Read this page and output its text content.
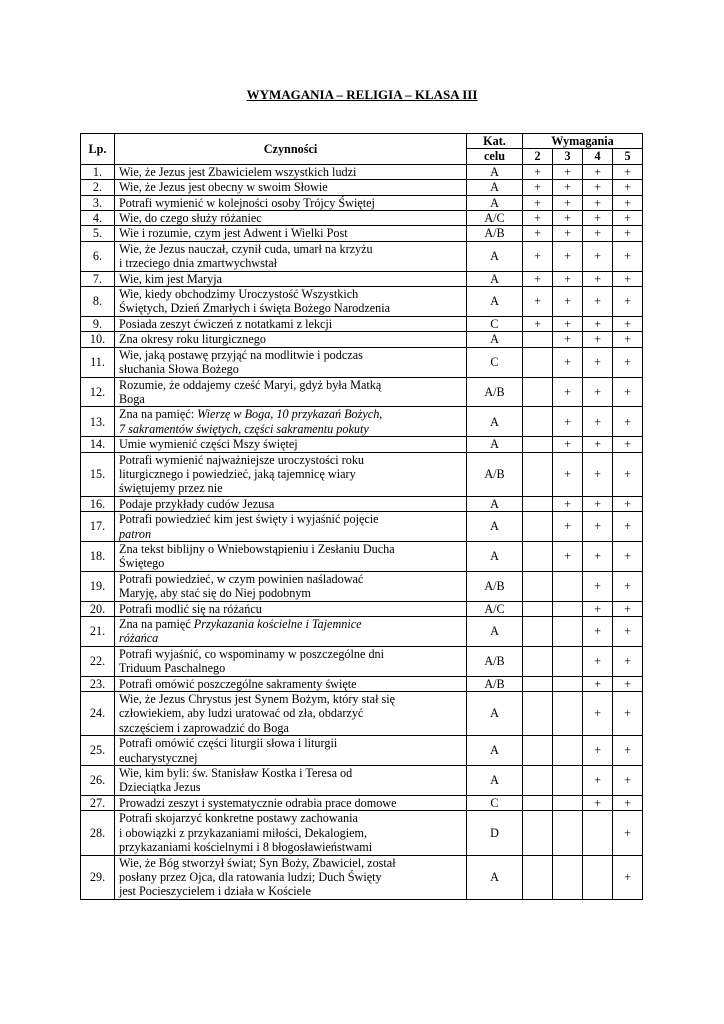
WYMAGANIA – RELIGIA – KLASA III
Lp.	Czynności	Kat.	Wymagania			
		celu	2	3	4	5
1.	Wie, że Jezus jest Zbawicielem wszystkich ludzi	A	+	+	+	+
2.	Wie, że Jezus jest obecny w swoim Słowie	A	+	+	+	+
3.	Potrafi wymienić w kolejności osoby Trójcy Świętej	A	+	+	+	+
4.	Wie, do czego służy różaniec	A/C	+	+	+	+
5.	Wie i rozumie, czym jest Adwent i Wielki Post	A/B	+	+	+	+
6.	Wie, że Jezus nauczał, czynił cuda, umarł na krzyżu
i trzeciego dnia zmartwychwstał	A	+	+	+	+
7.	Wie, kim jest Maryja	A	+	+	+	+
8.	Wie, kiedy obchodzimy Uroczystość Wszystkich
Świętych, Dzień Zmarłych i święta Bożego Narodzenia	A	+	+	+	+
9.	Posiada zeszyt ćwiczeń z notatkami z lekcji	C	+	+	+	+
10.	Zna okresy roku liturgicznego	A		+	+	+
11.	Wie, jaką postawę przyjąć na modlitwie i podczas
słuchania Słowa Bożego	C		+	+	+
12.	Rozumie, że oddajemy cześć Maryi, gdyż była Matką
Boga	A/B		+	+	+
13.	Zna na pamięć: Wierzę w Boga, 10 przykazań Bożych,
7 sakramentów świętych, części sakramentu pokuty	A		+	+	+
14.	Umie wymienić części Mszy świętej	A		+	+	+
15.	Potrafi wymienić najważniejsze uroczystości roku
liturgicznego i powiedzieć, jaką tajemnicę wiary
świętujemy przez nie	A/B		+	+	+
16.	Podaje przykłady cudów Jezusa	A		+	+	+
17.	Potrafi powiedzieć kim jest święty i wyjaśnić pojęcie
patron	A		+	+	+
18.	Zna tekst biblijny o Wniebowstąpieniu i Zesłaniu Ducha
Świętego	A		+	+	+
19.	Potrafi powiedzieć, w czym powinien naśladować
Maryję, aby stać się do Niej podobnym	A/B			+	+
20.	Potrafi modlić się na różańcu	A/C			+	+
21.	Zna na pamięć Przykazania kościelne i Tajemnice
różańca	A			+	+
22.	Potrafi wyjaśnić, co wspominamy w poszczególne dni
Triduum Paschalnego	A/B			+	+
23.	Potrafi omówić poszczególne sakramenty święte	A/B			+	+
24.	Wie, że Jezus Chrystus jest Synem Bożym, który stał się
człowiekiem, aby ludzi uratować od zła, obdarzyć
szczęściem i zaprowadzić do Boga	A			+	+
25.	Potrafi omówić części liturgii słowa i liturgii
eucharystycznej	A			+	+
26.	Wie, kim byli: św. Stanisław Kostka i Teresa od
Dzieciątka Jezus	A			+	+
27.	Prowadzi zeszyt i systematycznie odrabia prace domowe	C			+	+
28.	Potrafi skojarzyć konkretne postawy zachowania
i obowiązki z przykazaniami miłości, Dekalogiem,
przykazaniami kościelnymi i 8 błogosławieństwami	D				+
29.	Wie, że Bóg stworzył świat; Syn Boży, Zbawiciel, został
posłany przez Ojca, dla ratowania ludzi; Duch Święty
jest Pocieszycielem i działa w Kościele	A				+
